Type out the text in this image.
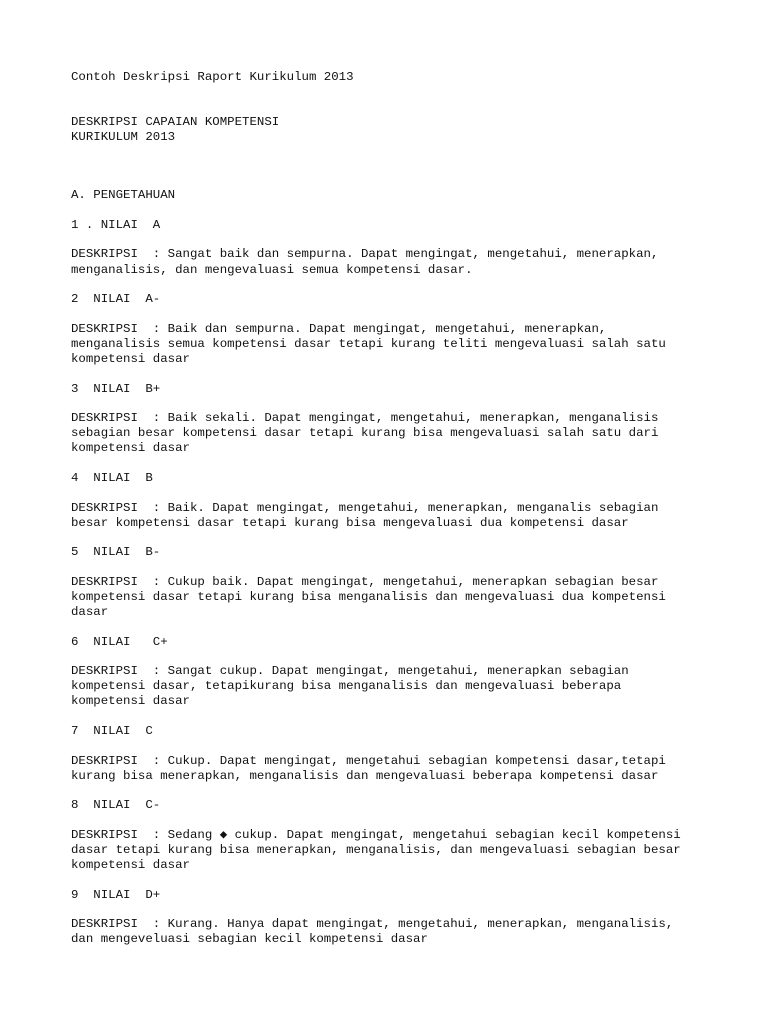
Contoh Deskripsi Raport Kurikulum 2013
DESKRIPSI CAPAIAN KOMPETENSI
KURIKULUM 2013
A. PENGETAHUAN
1 . NILAI  A
DESKRIPSI  : Sangat baik dan sempurna. Dapat mengingat, mengetahui, menerapkan,
menganalisis, dan mengevaluasi semua kompetensi dasar.
2  NILAI  A-
DESKRIPSI  : Baik dan sempurna. Dapat mengingat, mengetahui, menerapkan,
menganalisis semua kompetensi dasar tetapi kurang teliti mengevaluasi salah satu
kompetensi dasar
3  NILAI  B+
DESKRIPSI  : Baik sekali. Dapat mengingat, mengetahui, menerapkan, menganalisis
sebagian besar kompetensi dasar tetapi kurang bisa mengevaluasi salah satu dari
kompetensi dasar
4  NILAI  B
DESKRIPSI  : Baik. Dapat mengingat, mengetahui, menerapkan, menganalis sebagian
besar kompetensi dasar tetapi kurang bisa mengevaluasi dua kompetensi dasar
5  NILAI  B-
DESKRIPSI  : Cukup baik. Dapat mengingat, mengetahui, menerapkan sebagian besar
kompetensi dasar tetapi kurang bisa menganalisis dan mengevaluasi dua kompetensi
dasar
6  NILAI   C+
DESKRIPSI  : Sangat cukup. Dapat mengingat, mengetahui, menerapkan sebagian
kompetensi dasar, tetapikurang bisa menganalisis dan mengevaluasi beberapa
kompetensi dasar
7  NILAI  C
DESKRIPSI  : Cukup. Dapat mengingat, mengetahui sebagian kompetensi dasar,tetapi
kurang bisa menerapkan, menganalisis dan mengevaluasi beberapa kompetensi dasar
8  NILAI  C-
DESKRIPSI  : Sedang ◆ cukup. Dapat mengingat, mengetahui sebagian kecil kompetensi
dasar tetapi kurang bisa menerapkan, menganalisis, dan mengevaluasi sebagian besar
kompetensi dasar
9  NILAI  D+
DESKRIPSI  : Kurang. Hanya dapat mengingat, mengetahui, menerapkan, menganalisis,
dan mengeveluasi sebagian kecil kompetensi dasar
